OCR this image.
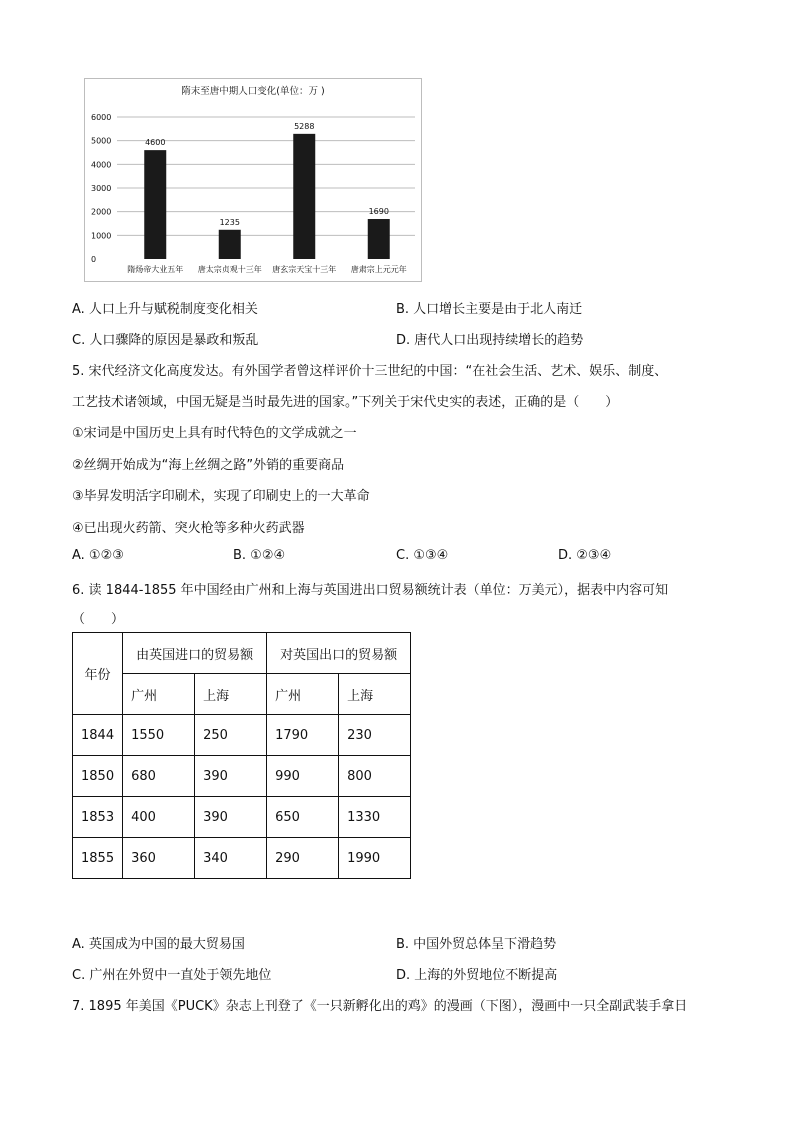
隋末至唐中期人口变化(单位：万 )
0
1000
2000
3000
4000
5000
6000
4600
1235
5288
1690
隋炀帝大业五年 唐太宗贞观十三年 唐玄宗天宝十三年 唐肃宗上元元年
A. 人口上升与赋税制度变化相关	B. 人口增长主要是由于北人南迁
C. 人口骤降的原因是暴政和叛乱	D. 唐代人口出现持续增长的趋势
5. 宋代经济文化高度发达。有外国学者曾这样评价十三世纪的中国：“在社会生活、艺术、娱乐、制度、
工艺技术诸领域，中国无疑是当时最先进的国家。”下列关于宋代史实的表述，正确的是（　　）
①宋词是中国历史上具有时代特色的文学成就之一
②丝绸开始成为“海上丝绸之路”外销的重要商品
③毕昇发明活字印刷术，实现了印刷史上的一大革命
④已出现火药箭、突火枪等多种火药武器
A. ①②③	B. ①②④	C. ①③④	D. ②③④
6. 读 1844-1855 年中国经由广州和上海与英国进出口贸易额统计表（单位：万美元），据表中内容可知
（　　）
年份	由英国进口的贸易额		对英国出口的贸易额	
	广州	上海	广州	上海
1844	1550	250	1790	230
1850	680	390	990	800
1853	400	390	650	1330
1855	360	340	290	1990
A. 英国成为中国的最大贸易国	B. 中国外贸总体呈下滑趋势
C. 广州在外贸中一直处于领先地位	D. 上海的外贸地位不断提高
7. 1895 年美国《PUCK》杂志上刊登了《一只新孵化出的鸡》的漫画（下图），漫画中一只全副武装手拿日
